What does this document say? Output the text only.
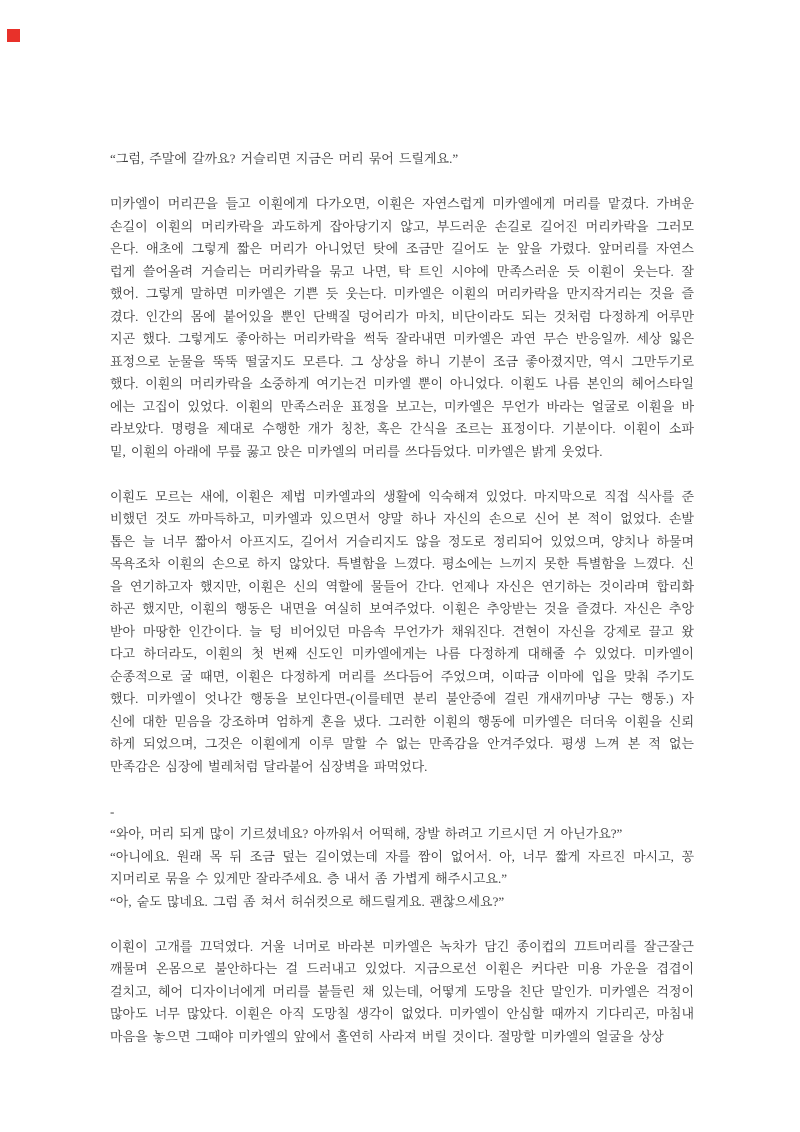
“그럼, 주말에 갈까요? 거슬리면 지금은 머리 묶어 드릴게요.”
미카엘이 머리끈을 들고 이훤에게 다가오면, 이훤은 자연스럽게 미카엘에게 머리를 맡겼다. 가벼운
손길이 이훤의 머리카락을 과도하게 잡아당기지 않고, 부드러운 손길로 길어진 머리카락을 그러모
은다. 애초에 그렇게 짧은 머리가 아니었던 탓에 조금만 길어도 눈 앞을 가렸다. 앞머리를 자연스
럽게 쓸어올려 거슬리는 머리카락을 묶고 나면, 탁 트인 시야에 만족스러운 듯 이훤이 웃는다. 잘
했어. 그렇게 말하면 미카엘은 기쁜 듯 웃는다. 미카엘은 이훤의 머리카락을 만지작거리는 것을 즐
겼다. 인간의 몸에 붙어있을 뿐인 단백질 덩어리가 마치, 비단이라도 되는 것처럼 다정하게 어루만
지곤 했다. 그렇게도 좋아하는 머리카락을 썩둑 잘라내면 미카엘은 과연 무슨 반응일까. 세상 잃은
표정으로 눈물을 뚝뚝 떨굴지도 모른다. 그 상상을 하니 기분이 조금 좋아졌지만, 역시 그만두기로
했다. 이훤의 머리카락을 소중하게 여기는건 미카엘 뿐이 아니었다. 이훤도 나름 본인의 헤어스타일
에는 고집이 있었다. 이훤의 만족스러운 표정을 보고는, 미카엘은 무언가 바라는 얼굴로 이훤을 바
라보았다. 명령을 제대로 수행한 개가 칭찬, 혹은 간식을 조르는 표정이다. 기분이다. 이훤이 소파
밑, 이훤의 아래에 무릎 꿇고 앉은 미카엘의 머리를 쓰다듬었다. 미카엘은 밝게 웃었다.
이훤도 모르는 새에, 이훤은 제법 미카엘과의 생활에 익숙해져 있었다. 마지막으로 직접 식사를 준
비했던 것도 까마득하고, 미카엘과 있으면서 양말 하나 자신의 손으로 신어 본 적이 없었다. 손발
톱은 늘 너무 짧아서 아프지도, 길어서 거슬리지도 않을 정도로 정리되어 있었으며, 양치나 하물며
목욕조차 이훤의 손으로 하지 않았다. 특별함을 느꼈다. 평소에는 느끼지 못한 특별함을 느꼈다. 신
을 연기하고자 했지만, 이훤은 신의 역할에 물들어 간다. 언제나 자신은 연기하는 것이라며 합리화
하곤 했지만, 이훤의 행동은 내면을 여실히 보여주었다. 이훤은 추앙받는 것을 즐겼다. 자신은 추앙
받아 마땅한 인간이다. 늘 텅 비어있던 마음속 무언가가 채워진다. 견현이 자신을 강제로 끌고 왔
다고 하더라도, 이훤의 첫 번째 신도인 미카엘에게는 나름 다정하게 대해줄 수 있었다. 미카엘이
순종적으로 굴 때면, 이훤은 다정하게 머리를 쓰다듬어 주었으며, 이따금 이마에 입을 맞춰 주기도
했다. 미카엘이 엇나간 행동을 보인다면-(이를테면 분리 불안증에 걸린 개새끼마냥 구는 행동.) 자
신에 대한 믿음을 강조하며 엄하게 혼을 냈다. 그러한 이훤의 행동에 미카엘은 더더욱 이훤을 신뢰
하게 되었으며, 그것은 이훤에게 이루 말할 수 없는 만족감을 안겨주었다. 평생 느껴 본 적 없는
만족감은 심장에 벌레처럼 달라붙어 심장벽을 파먹었다.
-
“와아, 머리 되게 많이 기르셨네요? 아까워서 어떡해, 장발 하려고 기르시던 거 아닌가요?”
“아니에요. 원래 목 뒤 조금 덮는 길이였는데 자를 짬이 없어서. 아, 너무 짧게 자르진 마시고, 꽁
지머리로 묶을 수 있게만 잘라주세요. 층 내서 좀 가볍게 해주시고요.”
“아, 숱도 많네요. 그럼 좀 쳐서 허쉬컷으로 해드릴게요. 괜찮으세요?”
이훤이 고개를 끄덕였다. 거울 너머로 바라본 미카엘은 녹차가 담긴 종이컵의 끄트머리를 잘근잘근
깨물며 온몸으로 불안하다는 걸 드러내고 있었다. 지금으로선 이훤은 커다란 미용 가운을 겹겹이
걸치고, 헤어 디자이너에게 머리를 붙들린 채 있는데, 어떻게 도망을 친단 말인가. 미카엘은 걱정이
많아도 너무 많았다. 이훤은 아직 도망칠 생각이 없었다. 미카엘이 안심할 때까지 기다리곤, 마침내
마음을 놓으면 그때야 미카엘의 앞에서 홀연히 사라져 버릴 것이다. 절망할 미카엘의 얼굴을 상상
